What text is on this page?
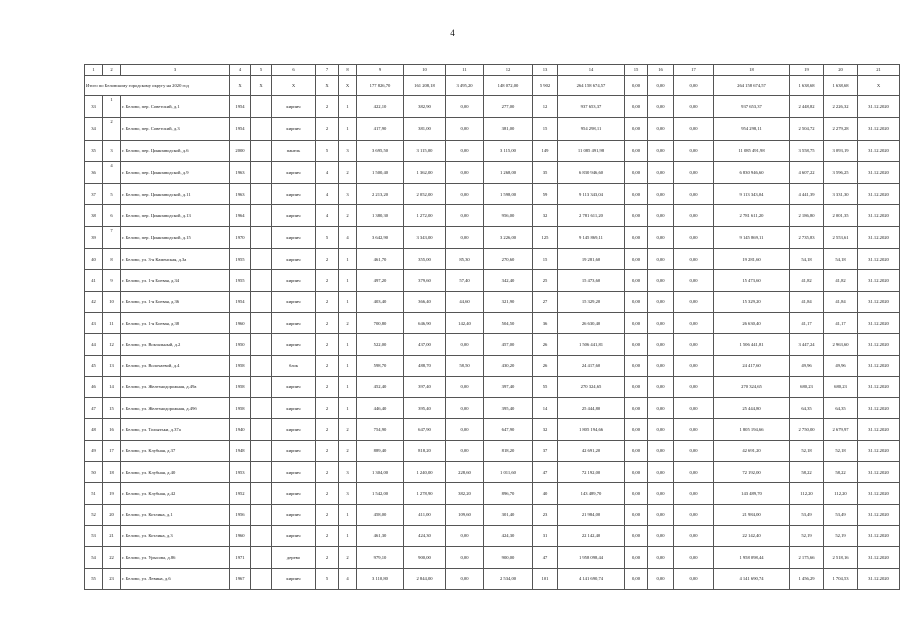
4
1	2	3	4	5	6	7	8	9	10	11	12	13	14	15	16	17	18	19	20	21
Итого по Беловскому городскому округу на 2020 год			X	X	X	X	X	177 826,70	161 208,18	3 495,20	148 072,00	5 902	264 158 674,57	0,00	0,00	0,00	264 158 674,57	1 638,68	1 638,68	X
33	1	г. Белово, пер. Советский, д.1	1954		кирпич	2	1	422,10	382,90	0,00	277,00	12	937 653,37	0,00	0,00	0,00	937 653,37	2 448,82	2 226,32	31.12.2020
34	2	г. Белово, пер. Советский, д.3	1954		кирпич	2	1	417,90	381,00	0,00	381,00	15	954 298,11	0,00	0,00	0,00	954 298,11	2 504,72	2 279,28	31.12.2020
35	3	г. Белово, пер. Цинкзаводской, д.6	2000		панель	5	3	3 695,50	3 115,00	0,00	3 115,00	149	11 085 491,98	0,00	0,00	0,00	11 085 491,98	3 558,75	3 093,19	31.12.2020
36	4	г. Белово, пер. Цинкзаводской, д.9	1963		кирпич	4	2	1 500,40	1 362,00	0,00	1 268,00	35	6 830 946,60	0,00	0,00	0,00	6 830 946,60	4 607,22	3 596,25	31.12.2020
37	5	г. Белово, пер. Цинкзаводской, д.11	1963		кирпич	4	3	2 213,20	2 052,00	0,00	1 598,00	59	9 113 343,04	0,00	0,00	0,00	9 113 343,04	4 441,39	3 331,30	31.12.2020
38	6	г. Белово, пер. Цинкзаводской, д.13	1964		кирпич	4	2	1 380,30	1 272,00	0,00	956,00	32	2 781 611,20	0,00	0,00	0,00	2 781 611,20	2 186,80	2 001,35	31.12.2020
39	7	г. Белово, пер. Цинкзаводской, д.15	1970		кирпич	5	4	3 642,90	3 343,00	0,00	3 226,00	125	9 145 869,11	0,00	0,00	0,00	9 145 869,11	2 735,83	2 553,61	31.12.2020
40	8	г. Белово, ул. 3-я Каменская, д.3а	1955		кирпич	2	1	461,70	355,00	85,30	270,60	15	19 281,60	0,00	0,00	0,00	19 281,60	54,18	54,18	31.12.2020
41	9	г. Белово, ул. 1-я Боевая, д.34	1955		кирпич	2	1	497,20	379,60	57,40	342,40	25	15 473,60	0,00	0,00	0,00	15 473,60	41,82	41,82	31.12.2020
42	10	г. Белово, ул. 1-я Боевая, д.36	1954		кирпич	2	1	403,40	366,40	44,60	321,90	27	15 329,20	0,00	0,00	0,00	15 329,20	41,84	41,84	31.12.2020
43	11	г. Белово, ул. 1-я Боевая, д.38	1960		кирпич	2	2	700,80	646,90	142,40	504,50	36	26 630,40	0,00	0,00	0,00	26 630,40	41,17	41,17	31.12.2020
44	12	г. Белово, ул. Вокзальный, д.2	1950		кирпич	2	1	522,00	437,00	0,00	457,00	26	1 506 441,81	0,00	0,00	0,00	1 506 441,81	3 447,24	2 963,60	31.12.2020
45	13	г. Белово, ул. Волочаевой, д.4	1958		блок	2	1	598,70	488,70	58,50	430,20	26	24 417,60	0,00	0,00	0,00	24 417,60	49,96	49,96	31.12.2020
46	14	г. Белово, ул. Железнодорожная, д.49а	1958		кирпич	2	1	452,40	397,40	0,00	397,40	55	270 324,65	0,00	0,00	0,00	270 324,65	680,23	680,23	31.12.2020
47	15	г. Белово, ул. Железнодорожная, д.49б	1958		кирпич	2	1	446,40	395,40	0,00	395,40	14	25 444,80	0,00	0,00	0,00	25 444,80	64,35	64,35	31.12.2020
48	16	г. Белово, ул. Тольятьки, д.37а	1940		кирпич	2	2	754,90	647,90	0,00	647,90	32	1 805 194,66	0,00	0,00	0,00	1 805 194,66	2 750,00	2 679,97	31.12.2020
49	17	г. Белово, ул. Клубная, д.37	1948		кирпич	2	2	889,40	818,20	0,00	818,20	37	42 691,20	0,00	0,00	0,00	42 691,20	52,18	52,18	31.12.2020
50	18	г. Белово, ул. Клубная, д.40	1953		кирпич	2	3	1 304,00	1 240,00	228,60	1 011,60	47	72 192,00	0,00	0,00	0,00	72 192,00	58,22	58,22	31.12.2020
51	19	г. Белово, ул. Клубная, д.42	1952		кирпич	2	3	1 542,00	1 278,90	382,20	896,70	40	143 489,70	0,00	0,00	0,00	143 489,70	112,20	112,20	31.12.2020
52	20	г. Белово, ул. Котлина, д.1	1956		кирпич	2	1	458,00	411,00	109,60	301,40	23	21 984,00	0,00	0,00	0,00	21 984,00	53,49	53,49	31.12.2020
53	21	г. Белово, ул. Котлина, д.3	1960		кирпич	2	1	461,30	424,30	0,00	424,30	31	22 142,40	0,00	0,00	0,00	22 142,40	52,19	52,19	31.12.2020
54	22	г. Белово, ул. Урысова, д.86	1971		дерево	2	2	979,10	900,00	0,00	900,00	47	1 958 098,44	0,00	0,00	0,00	1 958 098,44	2 175,66	2 518,16	31.12.2020
55	23	г. Белово, ул. Левина, д.6	1967		кирпич	5	4	3 110,80	2 844,00	0,00	2 534,00	101	4 141 690,74	0,00	0,00	0,00	4 141 690,74	1 456,29	1 704,53	31.12.2020
